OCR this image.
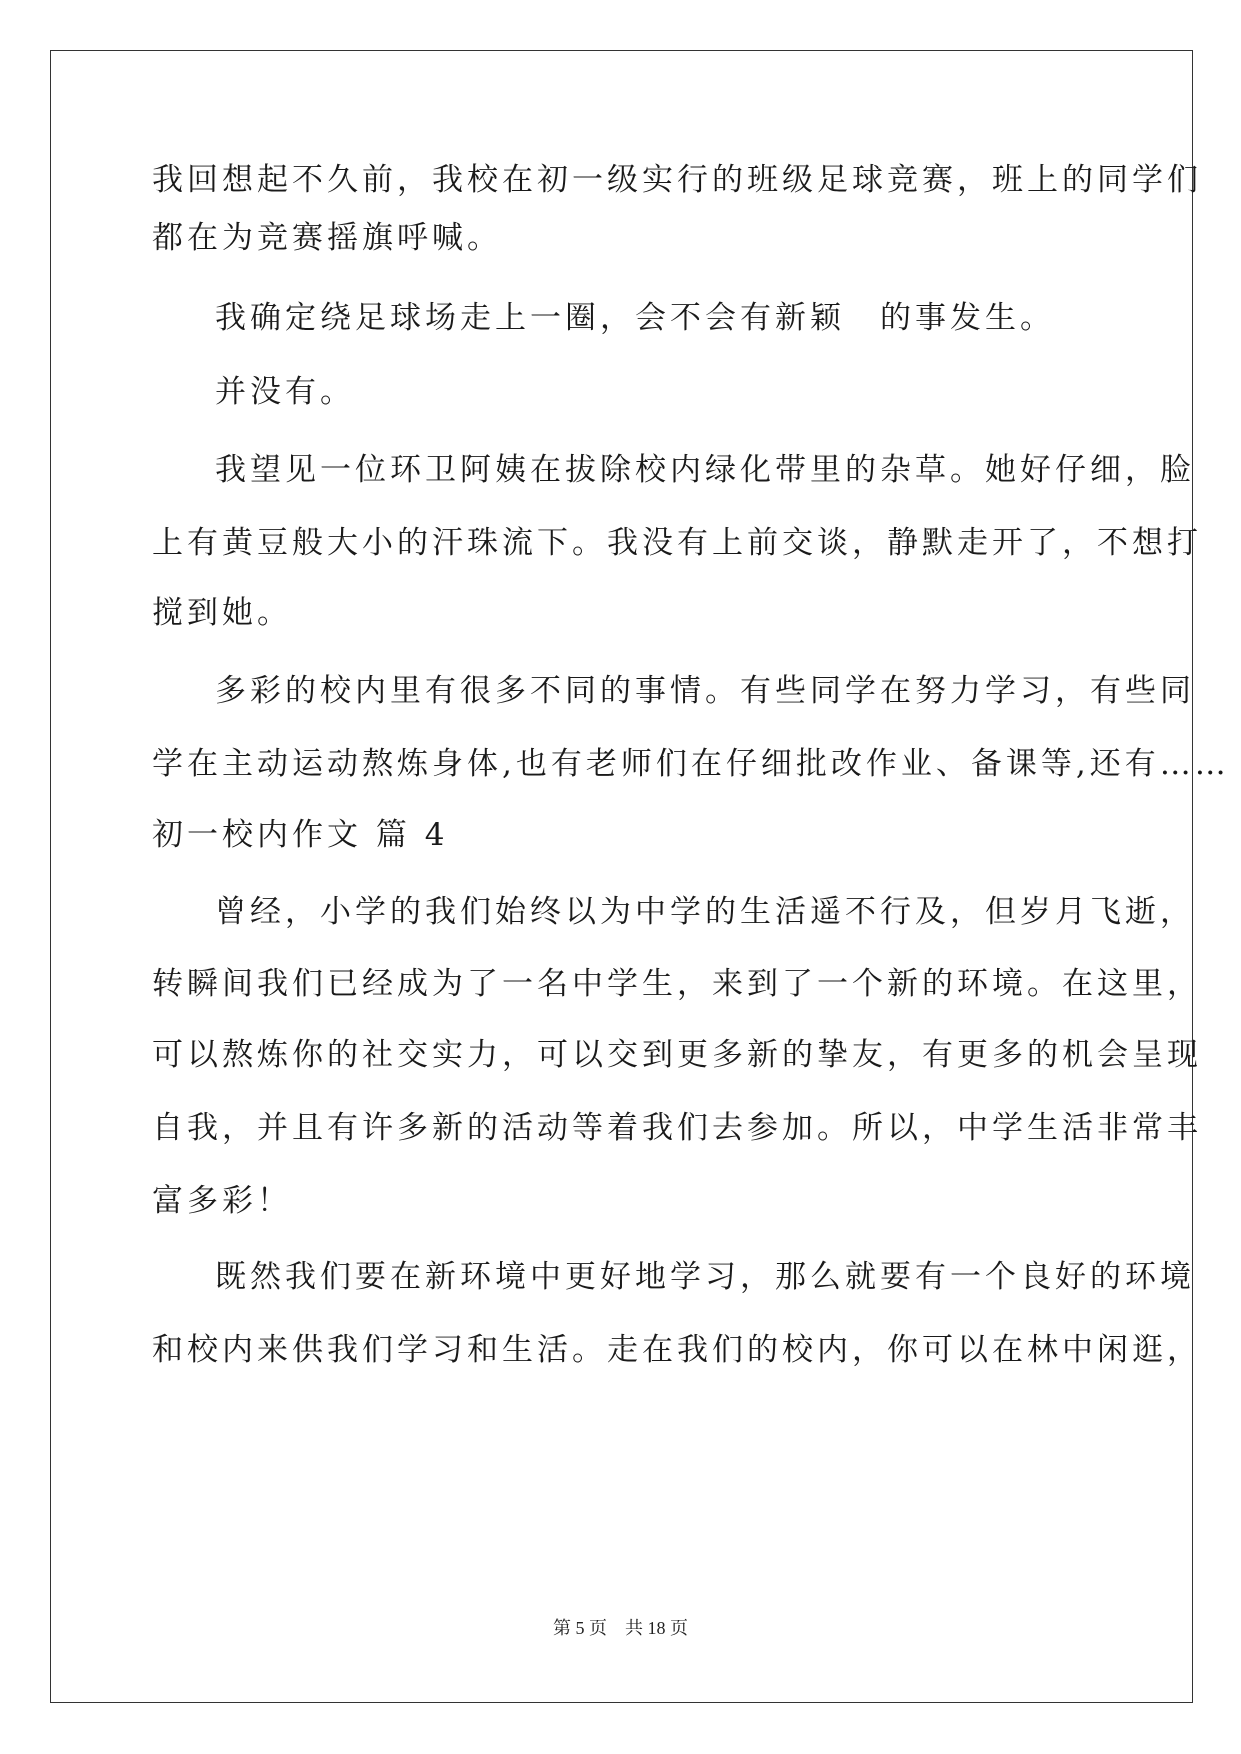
我回想起不久前，我校在初一级实行的班级足球竞赛，班上的同学们
都在为竞赛摇旗呼喊。
我确定绕足球场走上一圈，会不会有新颖　的事发生。
并没有。
我望见一位环卫阿姨在拔除校内绿化带里的杂草。她好仔细，脸
上有黄豆般大小的汗珠流下。我没有上前交谈，静默走开了，不想打
搅到她。
多彩的校内里有很多不同的事情。有些同学在努力学习，有些同
学在主动运动熬炼身体,也有老师们在仔细批改作业、备课等,还有……
初一校内作文 篇 4
曾经，小学的我们始终以为中学的生活遥不行及，但岁月飞逝，
转瞬间我们已经成为了一名中学生，来到了一个新的环境。在这里，
可以熬炼你的社交实力，可以交到更多新的挚友，有更多的机会呈现
自我，并且有许多新的活动等着我们去参加。所以，中学生活非常丰
富多彩！
既然我们要在新环境中更好地学习，那么就要有一个良好的环境
和校内来供我们学习和生活。走在我们的校内，你可以在林中闲逛，
第 5 页 共 18 页
